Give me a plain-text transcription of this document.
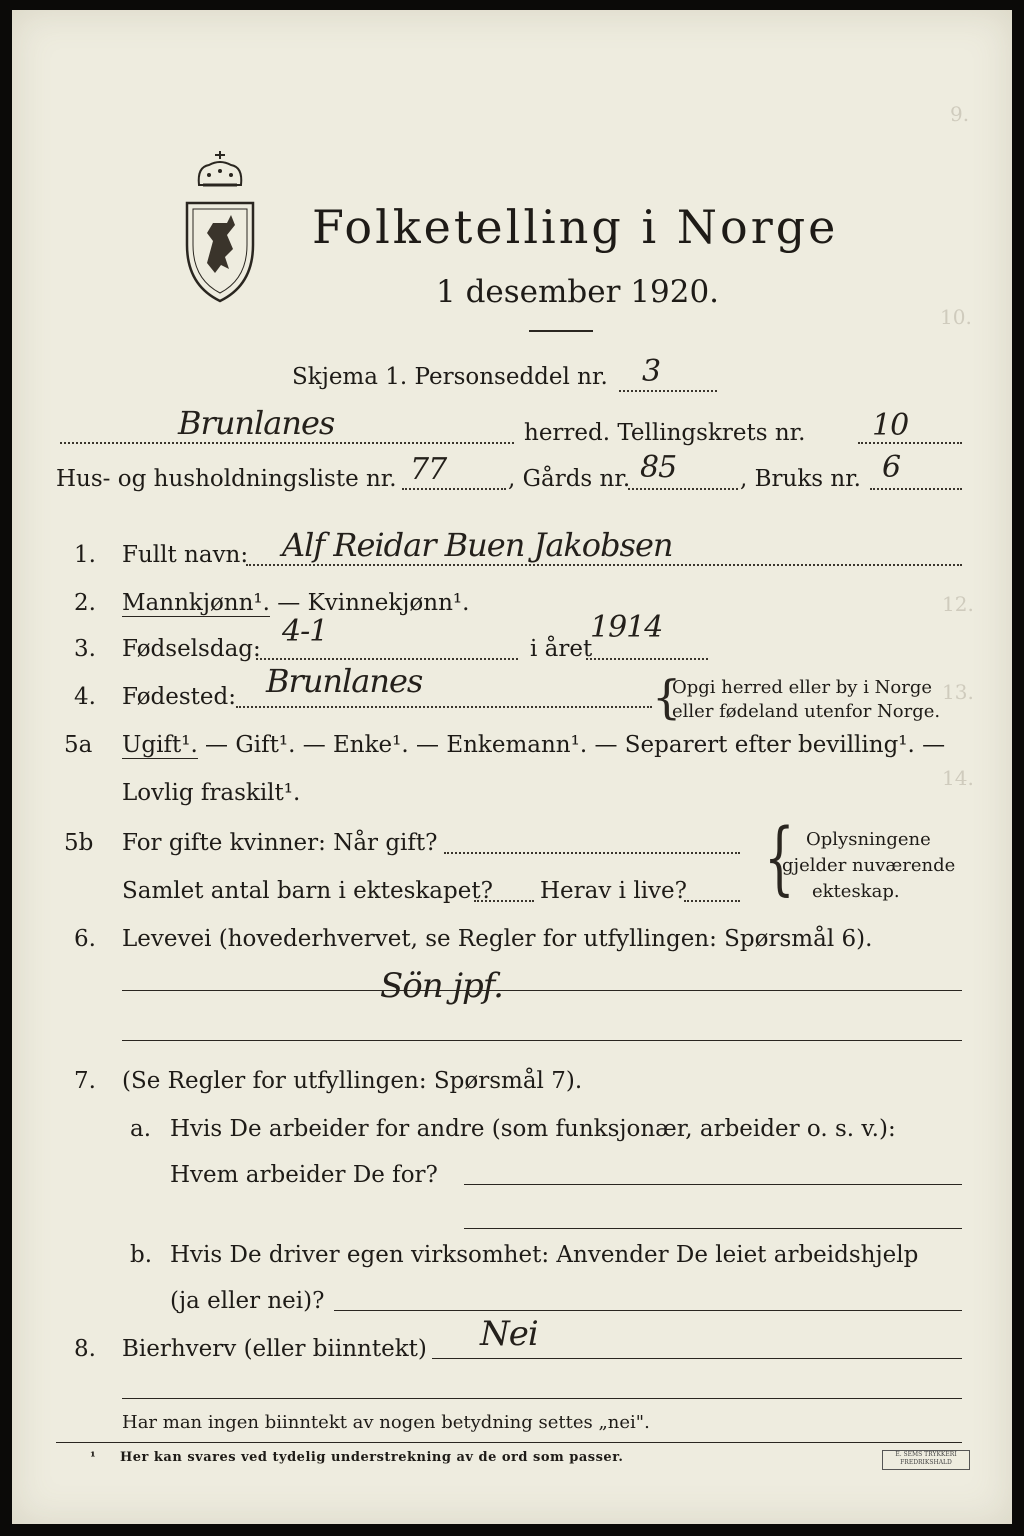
Folketelling i Norge
1 desember 1920.
9.
10.
12.
13.
14.
Skjema 1. Personseddel nr. 3
Brunlanes	herred. Tellingskrets nr. 10
Hus- og husholdningsliste nr. 77	, Gårds nr. 85	, Bruks nr. 6
1. Fullt navn: Alf Reidar Buen Jakobsen
2. Mannkjønn¹. — Kvinnekjønn¹.
3. Fødselsdag: 4-1	i året
1914
4. Fødested: Brunlanes	{
Opgi herred eller by i Norge
eller fødeland utenfor Norge.
5a Ugift¹. — Gift¹. — Enke¹. — Enkemann¹. — Separert efter bevilling¹. —
Lovlig fraskilt¹.
5b For gifte kvinner: Når gift?
Samlet antal barn i ekteskapet? Herav i live? { Oplysningene
gjelder nuværende
ekteskap.
6. Levevei (hovederhvervet, se Regler for utfyllingen: Spørsmål 6).
Sön jpf.
7. (Se Regler for utfyllingen: Spørsmål 7).
a. Hvis De arbeider for andre (som funksjonær, arbeider o. s. v.):
Hvem arbeider De for?
b. Hvis De driver egen virksomhet: Anvender De leiet arbeidshjelp
(ja eller nei)?
8. Bierhverv (eller biinntekt) Nei
Har man ingen biinntekt av nogen betydning settes „nei".
¹ Her kan svares ved tydelig understrekning av de ord som passer.	E. SEMS TRYKKERI FREDRIKSHALD
